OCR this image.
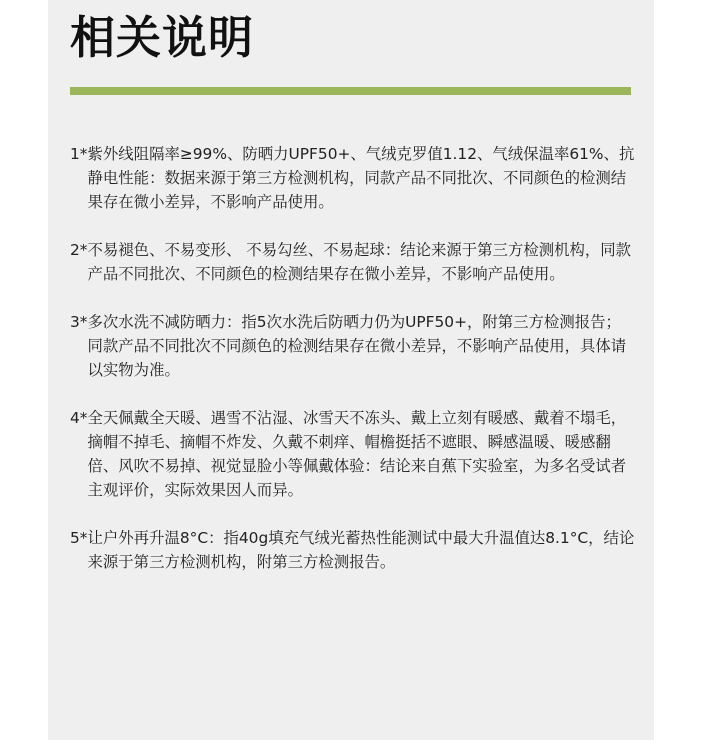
相关说明
1* 紫外线阻隔率≥99%、防晒力UPF50+、气绒克罗值1.12、气绒保温率61%、抗静电性能：数据来源于第三方检测机构，同款产品不同批次、不同颜色的检测结果存在微小差异，不影响产品使用。
2* 不易褪色、不易变形、 不易勾丝、不易起球：结论来源于第三方检测机构，同款产品不同批次、不同颜色的检测结果存在微小差异，不影响产品使用。
3* 多次水洗不减防晒力：指5次水洗后防晒力仍为UPF50+，附第三方检测报告；同款产品不同批次不同颜色的检测结果存在微小差异，不影响产品使用，具体请以实物为准。
4* 全天佩戴全天暖、遇雪不沾湿、冰雪天不冻头、戴上立刻有暖感、戴着不塌毛，摘帽不掉毛、摘帽不炸发、久戴不刺痒、帽檐挺括不遮眼、瞬感温暖、暖感翻倍、风吹不易掉、视觉显脸小等佩戴体验：结论来自蕉下实验室，为多名受试者主观评价，实际效果因人而异。
5* 让户外再升温8°C：指40g填充气绒光蓄热性能测试中最大升温值达8.1°C，结论来源于第三方检测机构，附第三方检测报告。
